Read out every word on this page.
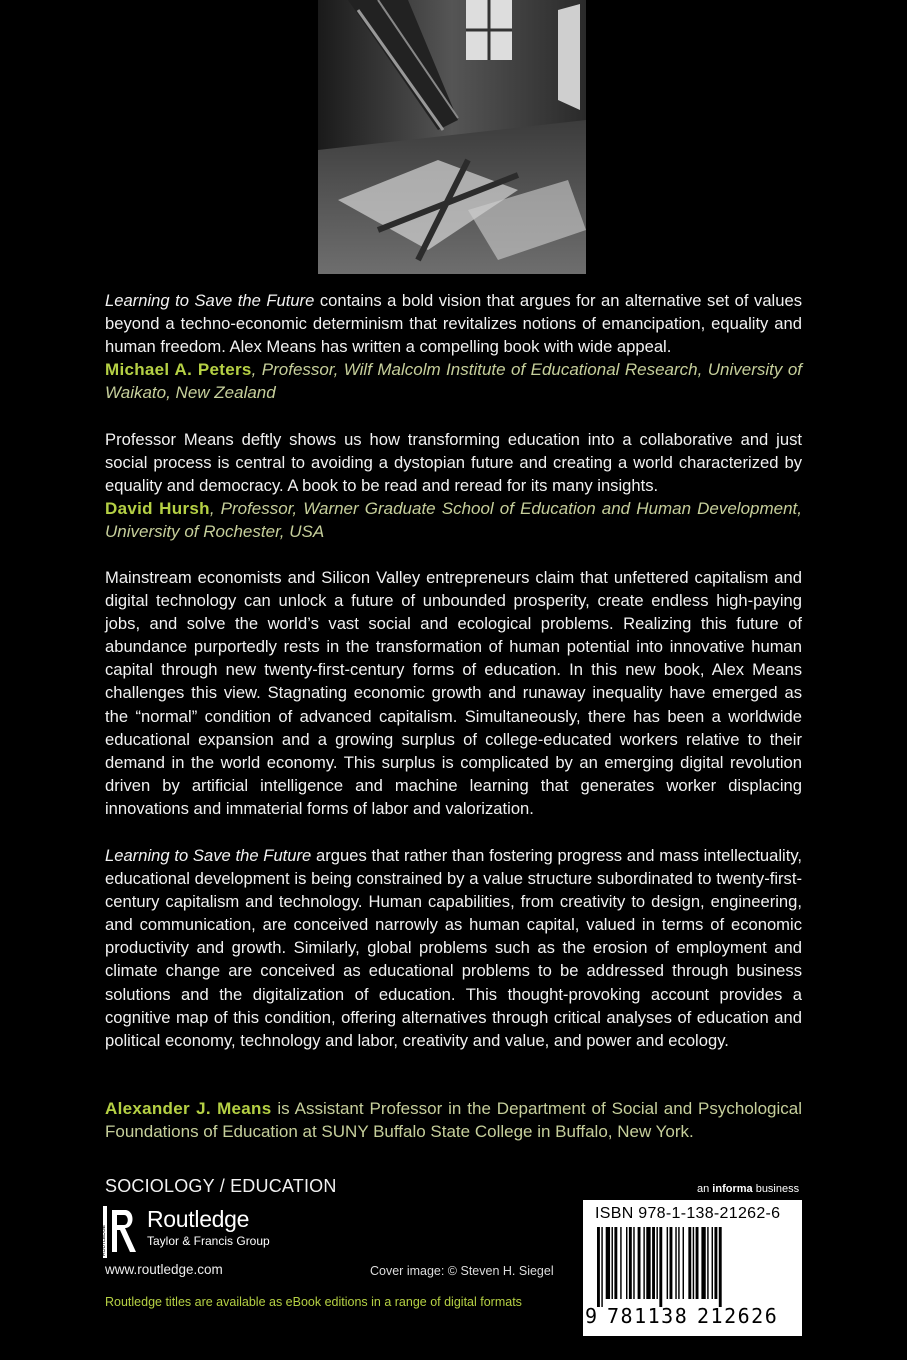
Learning to Save the Future contains a bold vision that argues for an alternative set of values beyond a techno-economic determinism that revitalizes notions of emancipation, equality and human freedom. Alex Means has written a compelling book with wide appeal.

Michael A. Peters, Professor, Wilf Malcolm Institute of Educational Research, University of Waikato, New Zealand

Professor Means deftly shows us how transforming education into a collaborative and just social process is central to avoiding a dystopian future and creating a world characterized by equality and democracy. A book to be read and reread for its many insights.

David Hursh, Professor, Warner Graduate School of Education and Human Development, University of Rochester, USA

Mainstream economists and Silicon Valley entrepreneurs claim that unfettered capitalism and digital technology can unlock a future of unbounded prosperity, create endless high-paying jobs, and solve the world’s vast social and ecological problems. Realizing this future of abundance purportedly rests in the transformation of human potential into innovative human capital through new twenty-first-century forms of education. In this new book, Alex Means challenges this view. Stagnating economic growth and runaway inequality have emerged as the “normal” condition of advanced capitalism. Simultaneously, there has been a worldwide educational expansion and a growing surplus of college-educated workers relative to their demand in the world economy. This surplus is complicated by an emerging digital revolution driven by artificial intelligence and machine learning that generates worker displacing innovations and immaterial forms of labor and valorization.

Learning to Save the Future argues that rather than fostering progress and mass intellectuality, educational development is being constrained by a value structure subordinated to twenty-first-century capitalism and technology. Human capabilities, from creativity to design, engineering, and communication, are conceived narrowly as human capital, valued in terms of economic productivity and growth. Similarly, global problems such as the erosion of employment and climate change are conceived as educational problems to be addressed through business solutions and the digitalization of education. This thought-provoking account provides a cognitive map of this condition, offering alternatives through critical analyses of education and political economy, technology and labor, creativity and value, and power and ecology.

Alexander J. Means is Assistant Professor in the Department of Social and Psychological Foundations of Education at SUNY Buffalo State College in Buffalo, New York.

SOCIOLOGY / EDUCATION
ROUTLEDGE
Routledge
Taylor & Francis Group
www.routledge.com	Cover image: © Steven H. Siegel
Routledge titles are available as eBook editions in a range of digital formats
an informa business
ISBN 978-1-138-21262-6
9 781138 212626
